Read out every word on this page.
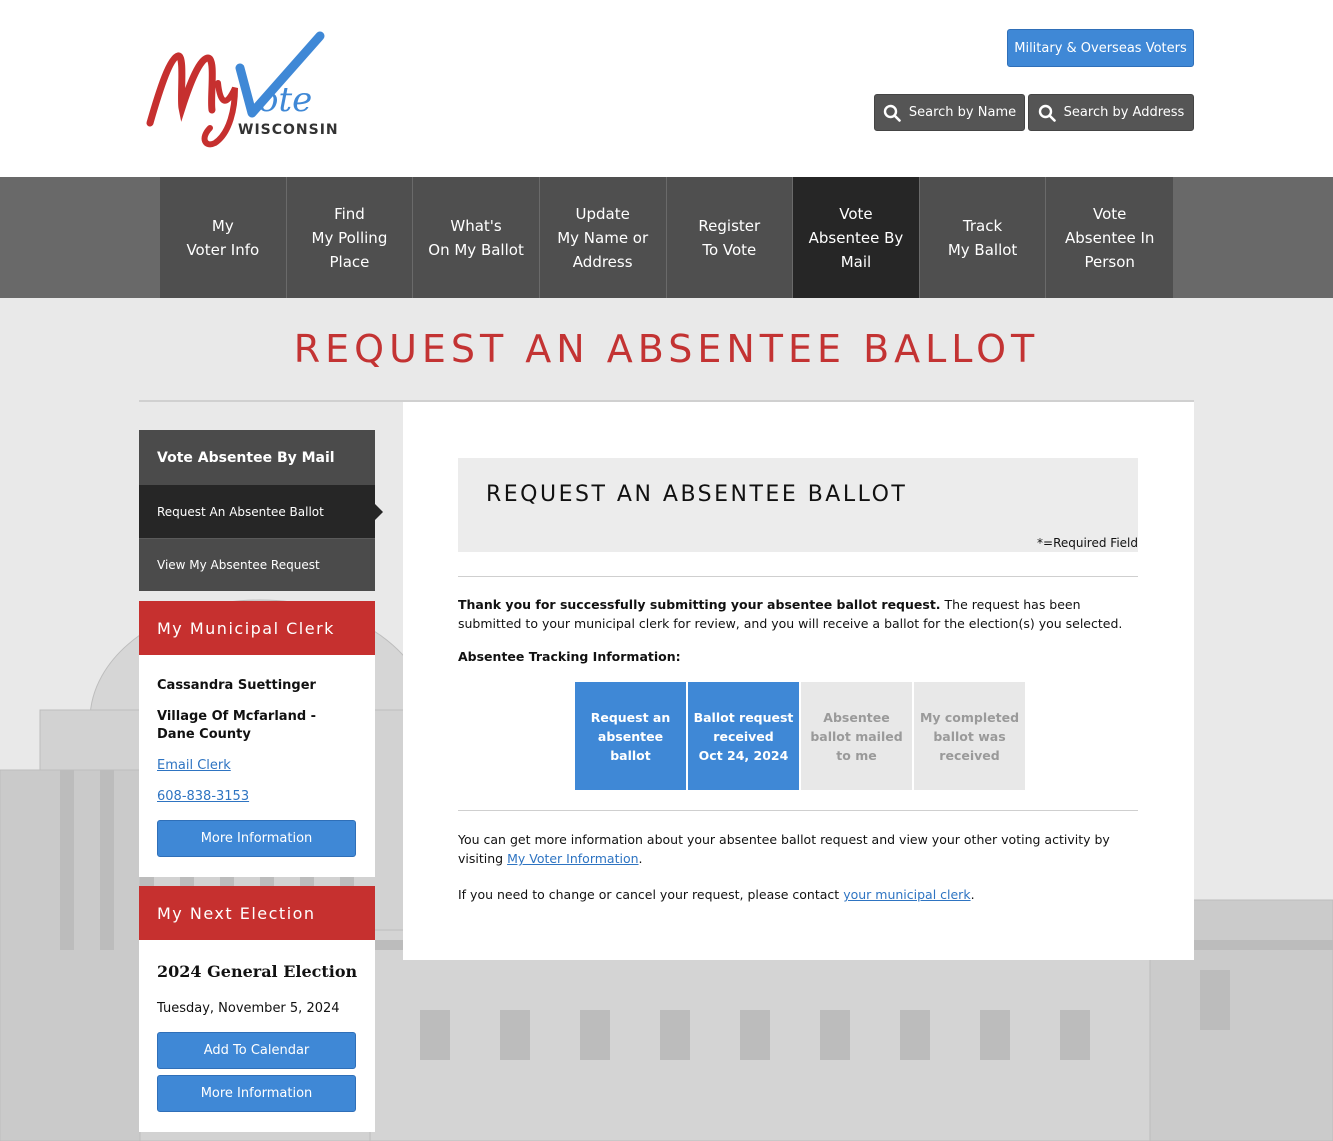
ote
WISCONSIN
Military & Overseas Voters
Search by Name	Search by Address
My
Voter Info
Find
My Polling
Place
What's
On My Ballot
Update
My Name or
Address
Register
To Vote
Vote
Absentee By
Mail
Track
My Ballot
Vote
Absentee In
Person
REQUEST AN ABSENTEE BALLOT
Vote Absentee By Mail
Request An Absentee Ballot
View My Absentee Request
My Municipal Clerk
Cassandra Suettinger
Village Of Mcfarland - Dane County
Email Clerk
608-838-3153
More Information
My Next Election
2024 General Election
Tuesday, November 5, 2024
Add To Calendar
More Information
REQUEST AN ABSENTEE BALLOT
*=Required Field
Thank you for successfully submitting your absentee ballot request. The request has been submitted to your municipal clerk for review, and you will receive a ballot for the election(s) you selected.
Absentee Tracking Information:
Request an
absentee
ballot
Ballot request
received
Oct 24, 2024
Absentee
ballot mailed
to me
My completed
ballot was
received
You can get more information about your absentee ballot request and view your other voting activity by visiting My Voter Information.
If you need to change or cancel your request, please contact your municipal clerk.
